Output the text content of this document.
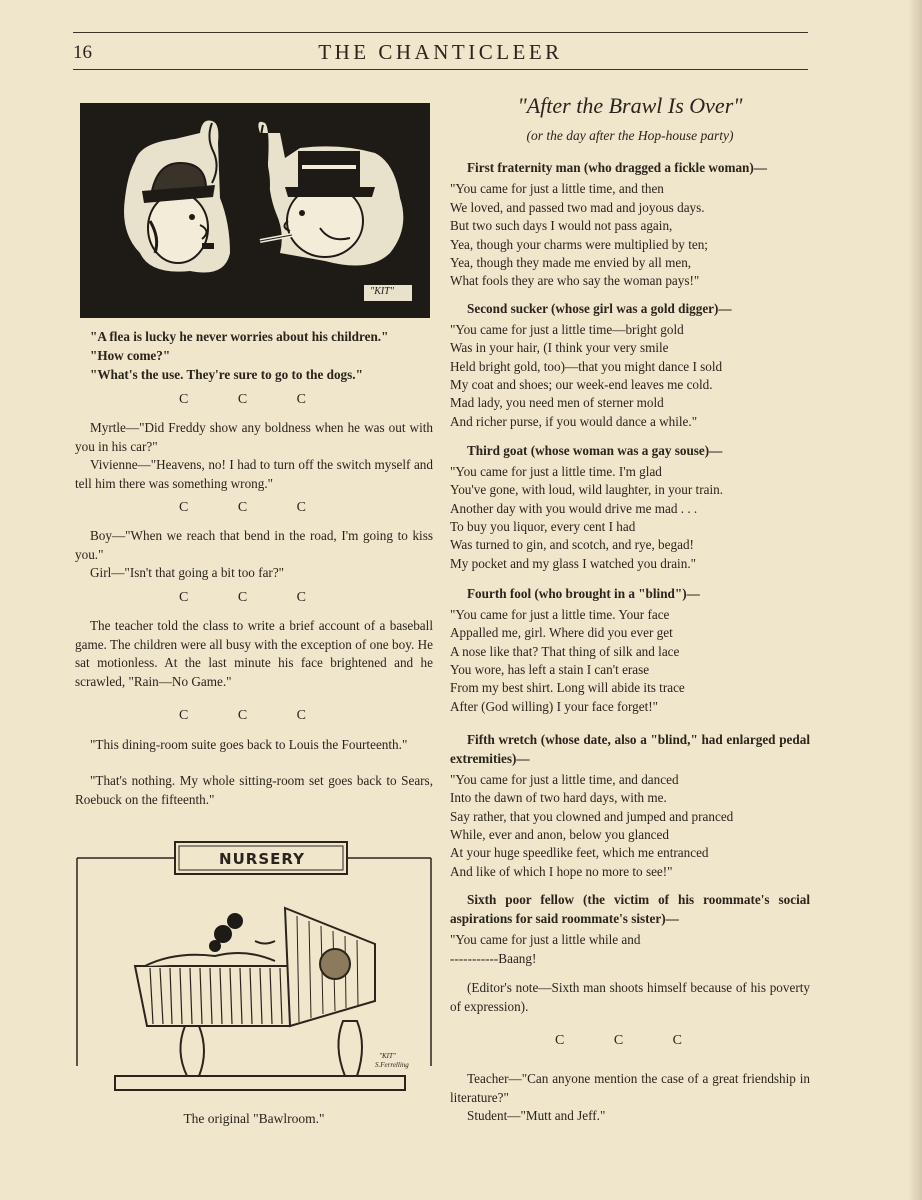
16	THE CHANTICLEER
"KIT"

"A flea is lucky he never worries about his children."

"How come?"

"What's the use. They're sure to go to the dogs."

C C C

Myrtle—"Did Freddy show any boldness when he was out with you in his car?"

Vivienne—"Heavens, no! I had to turn off the switch myself and tell him there was something wrong."

C C C

Boy—"When we reach that bend in the road, I'm going to kiss you."

Girl—"Isn't that going a bit too far?"

C C C

The teacher told the class to write a brief account of a baseball game. The children were all busy with the exception of one boy. He sat motionless. At the last minute his face brightened and he scrawled, "Rain—No Game."

C C C

"This dining-room suite goes back to Louis the Fourteenth."

"That's nothing. My whole sitting-room set goes back to Sears, Roebuck on the fifteenth."

NURSERY
"KIT"
S.Ferrelling

The original "Bawlroom."

"After the Brawl Is Over"

(or the day after the Hop-house party)

First fraternity man (who dragged a fickle woman)—

"You came for just a little time, and then

We loved, and passed two mad and joyous days.

But two such days I would not pass again,

Yea, though your charms were multiplied by ten;

Yea, though they made me envied by all men,

What fools they are who say the woman pays!"

Second sucker (whose girl was a gold digger)—

"You came for just a little time—bright gold

Was in your hair, (I think your very smile

Held bright gold, too)—that you might dance I sold

My coat and shoes; our week-end leaves me cold.

Mad lady, you need men of sterner mold

And richer purse, if you would dance a while."

Third goat (whose woman was a gay souse)—

"You came for just a little time. I'm glad

You've gone, with loud, wild laughter, in your train.

Another day with you would drive me mad . . .

To buy you liquor, every cent I had

Was turned to gin, and scotch, and rye, begad!

My pocket and my glass I watched you drain."

Fourth fool (who brought in a "blind")—

"You came for just a little time. Your face

Appalled me, girl. Where did you ever get

A nose like that? That thing of silk and lace

You wore, has left a stain I can't erase

From my best shirt. Long will abide its trace

After (God willing) I your face forget!"

Fifth wretch (whose date, also a "blind," had enlarged pedal extremities)—

"You came for just a little time, and danced

Into the dawn of two hard days, with me.

Say rather, that you clowned and jumped and pranced

While, ever and anon, below you glanced

At your huge speedlike feet, which me entranced

And like of which I hope no more to see!"

Sixth poor fellow (the victim of his roommate's social aspirations for said roommate's sister)—

"You came for just a little while and

-----------Baang!

(Editor's note—Sixth man shoots himself because of his poverty of expression).

C C C

Teacher—"Can anyone mention the case of a great friendship in literature?"

Student—"Mutt and Jeff."
